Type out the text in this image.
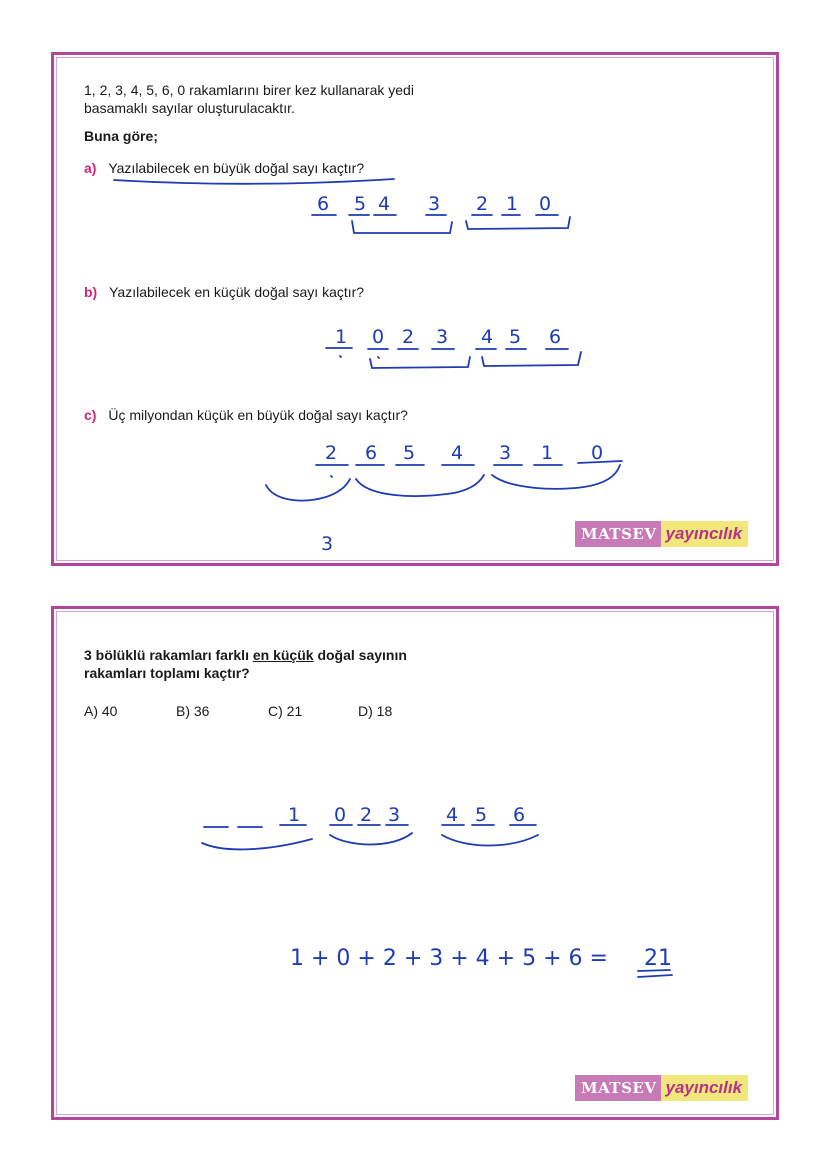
1, 2, 3, 4, 5, 6, 0 rakamlarını birer kez kullanarak yedi
basamaklı sayılar oluşturulacaktır.
Buna göre;
a) Yazılabilecek en büyük doğal sayı kaçtır?
b) Yazılabilecek en küçük doğal sayı kaçtır?
c) Üç milyondan küçük en büyük doğal sayı kaçtır?
6 5 4 3 2 1 0
1 0 2 3 4 5 6
2 6 5 4 3 1 0
3	MATSEV yayıncılık
3 bölüklü rakamları farklı en küçük doğal sayının
rakamları toplamı kaçtır?
A) 40	B) 36	C) 21	D) 18
1 0 2 3 4 5 6
1 + 0 + 2 + 3 + 4 + 5 + 6 = 21
MATSEV yayıncılık
